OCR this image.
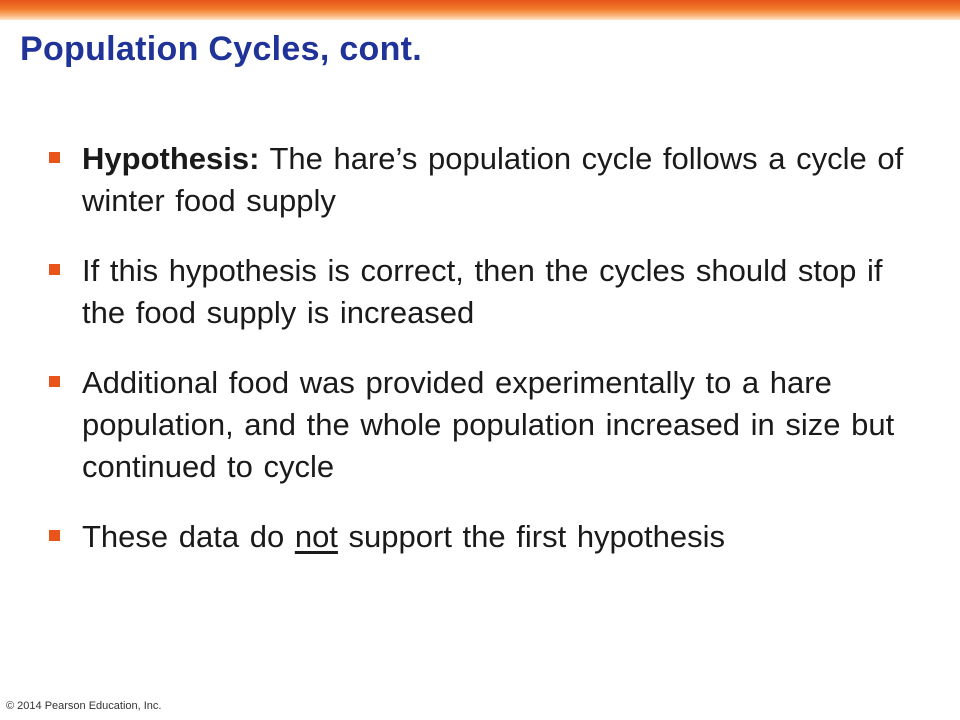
Population Cycles, cont.
Hypothesis: The hare’s population cycle follows a cycle of winter food supply
If this hypothesis is correct, then the cycles should stop if the food supply is increased
Additional food was provided experimentally to a hare population, and the whole population increased in size but continued to cycle
These data do not support the first hypothesis
© 2014 Pearson Education, Inc.
